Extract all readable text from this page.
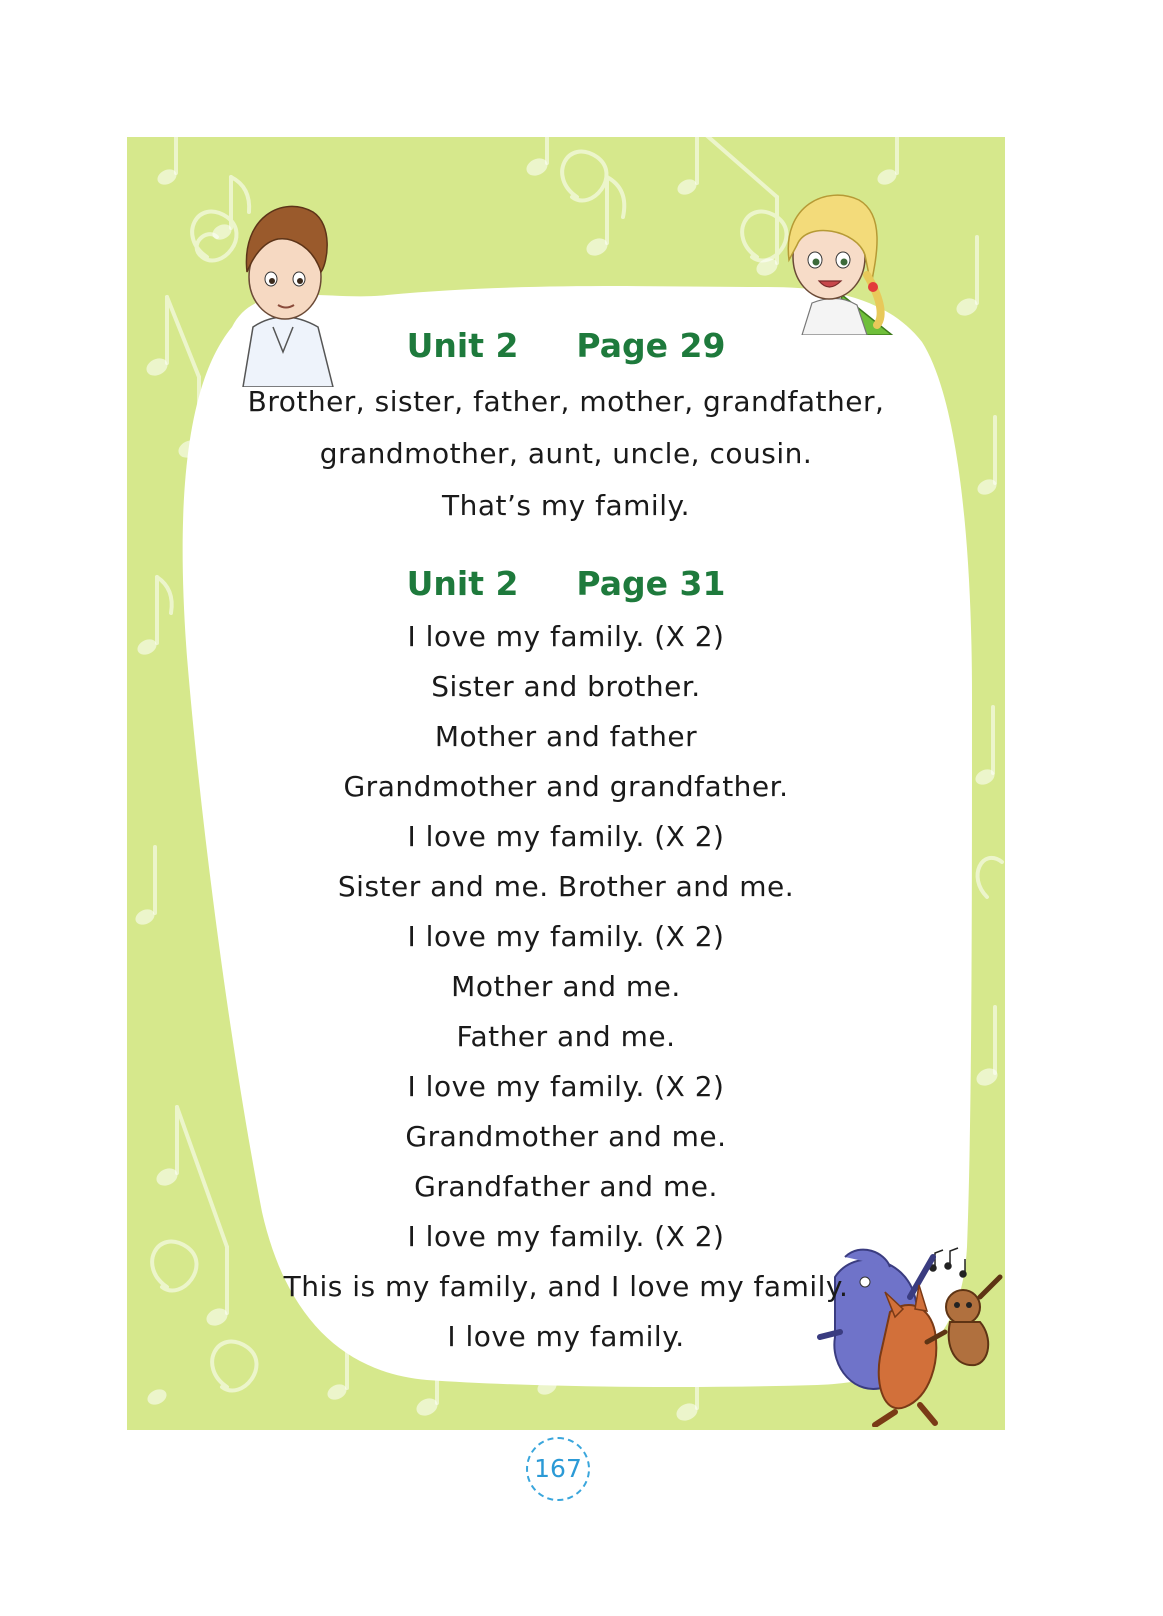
Unit 2 Page 29
Brother, sister, father, mother, grandfather,
grandmother, aunt, uncle, cousin.
That’s my family.
Unit 2 Page 31
I love my family. (X 2)
Sister and brother.
Mother and father
Grandmother and grandfather.
I love my family. (X 2)
Sister and me. Brother and me.
I love my family. (X 2)
Mother and me.
Father and me.
I love my family. (X 2)
Grandmother and me.
Grandfather and me.
I love my family. (X 2)
This is my family, and I love my family.
I love my family.
167
